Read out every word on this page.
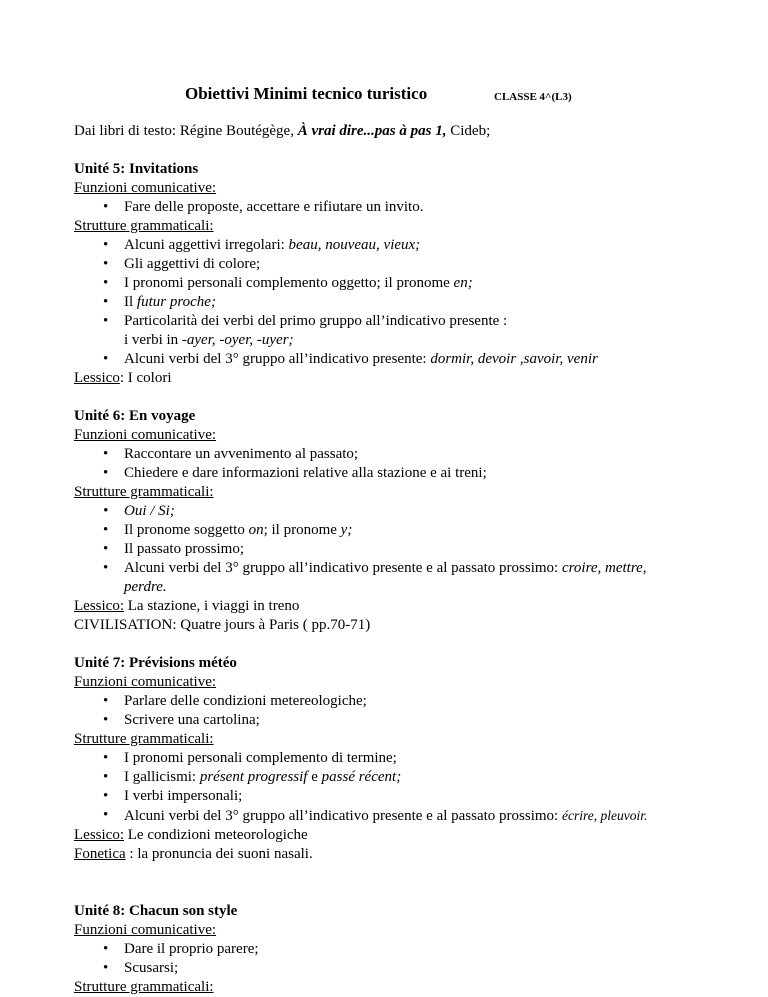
Obiettivi Minimi tecnico turistico	CLASSE 4^(L3)
Dai libri di testo: Régine Boutégège, À vrai dire...pas à pas 1, Cideb;
Unité 5: Invitations
Funzioni comunicative:
• Fare delle proposte, accettare e rifiutare un invito.
Strutture grammaticali:
• Alcuni aggettivi irregolari: beau, nouveau, vieux;
• Gli aggettivi di colore;
• I pronomi personali complemento oggetto; il pronome en;
• Il futur proche;
• Particolarità dei verbi del primo gruppo all’indicativo presente :
i verbi in -ayer, -oyer, -uyer;
• Alcuni verbi del 3° gruppo all’indicativo presente: dormir, devoir ,savoir, venir
Lessico: I colori
Unité 6: En voyage
Funzioni comunicative:
• Raccontare un avvenimento al passato;
• Chiedere e dare informazioni relative alla stazione e ai treni;
Strutture grammaticali:
• Oui / Si;
• Il pronome soggetto on; il pronome y;
• Il passato prossimo;
• Alcuni verbi del 3° gruppo all’indicativo presente e al passato prossimo: croire, mettre,
perdre.
Lessico: La stazione, i viaggi in treno
CIVILISATION: Quatre jours à Paris ( pp.70-71)
Unité 7: Prévisions météo
Funzioni comunicative:
• Parlare delle condizioni metereologiche;
• Scrivere una cartolina;
Strutture grammaticali:
• I pronomi personali complemento di termine;
• I gallicismi: présent progressif e passé récent;
• I verbi impersonali;
• Alcuni verbi del 3° gruppo all’indicativo presente e al passato prossimo: écrire, pleuvoir.
Lessico: Le condizioni meteorologiche
Fonetica : la pronuncia dei suoni nasali.
Unité 8: Chacun son style
Funzioni comunicative:
• Dare il proprio parere;
• Scusarsi;
Strutture grammaticali:
